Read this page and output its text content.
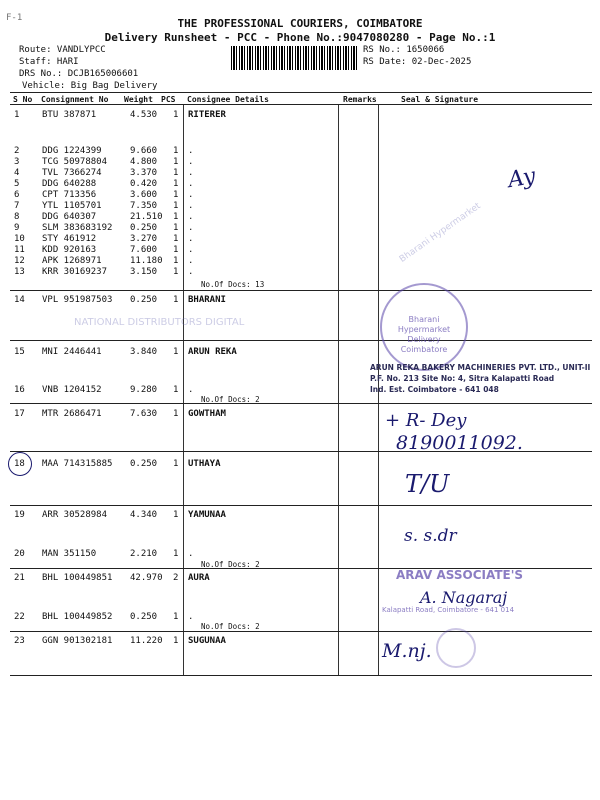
F-1	THE PROFESSIONAL COURIERS, COIMBATORE
Delivery Runsheet - PCC - Phone No.:9047080280 - Page No.:1
Route: VANDLYPCC
Staff: HARI
DRS No.: DCJB165006601
Vehicle: Big Bag Delivery
RS No.: 1650066
RS Date: 02-Dec-2025
S No Consignment No Weight PCS Consignee Details	Remarks	Seal & Signature
1	BTU 387871	4.530 1 RITERER
2	DDG 1224399	9.660 1 .
3	TCG 50978804	4.800 1 .
4	TVL 7366274	3.370 1 .
5	DDG 640288	0.420 1 .
6	CPT 713356	3.600 1 .
7	YTL 1105701	7.350 1 .
8	DDG 640307	21.510 1 .
9	SLM 383683192 0.250 1 .
10 STY 461912	3.270 1 .
11 KDD 920163	7.600 1 .
12 APK 1268971	11.180 1 .
13 KRR 30169237	3.150 1 .
No.Of Docs: 13
14 VPL 951987503 0.250 1 BHARANI
NATIONAL DISTRIBUTORS DIGITAL
15 MNI 2446441	3.840 1 ARUN REKA
16 VNB 1204152	9.280 1 .
No.Of Docs: 2
17 MTR 2686471	7.630 1 GOWTHAM
18 MAA 714315885 0.250 1 UTHAYA
19 ARR 30528984	4.340 1 YAMUNAA
20 MAN 351150	2.210 1 .
No.Of Docs: 2
21 BHL 100449851 42.970 2 AURA
22 BHL 100449852 0.250 1 .
No.Of Docs: 2
23 GGN 901302181 11.220 1 SUGUNAA
Ay
Bharani Hypermarket
Bharani Hypermarket Delivery Coimbatore
ARUN REKA BAKERY MACHINERIES PVT. LTD., UNIT-II
P.F. No. 213 Site No: 4, Sitra Kalapatti Road
Ind. Est. Coimbatore - 641 048
+ R- Dey
8190011092.
T/U
s. s.dr
ARAV ASSOCIATE'S
Kalapatti Road, Coimbatore - 641 014
A. Nagaraj
M.nj.
